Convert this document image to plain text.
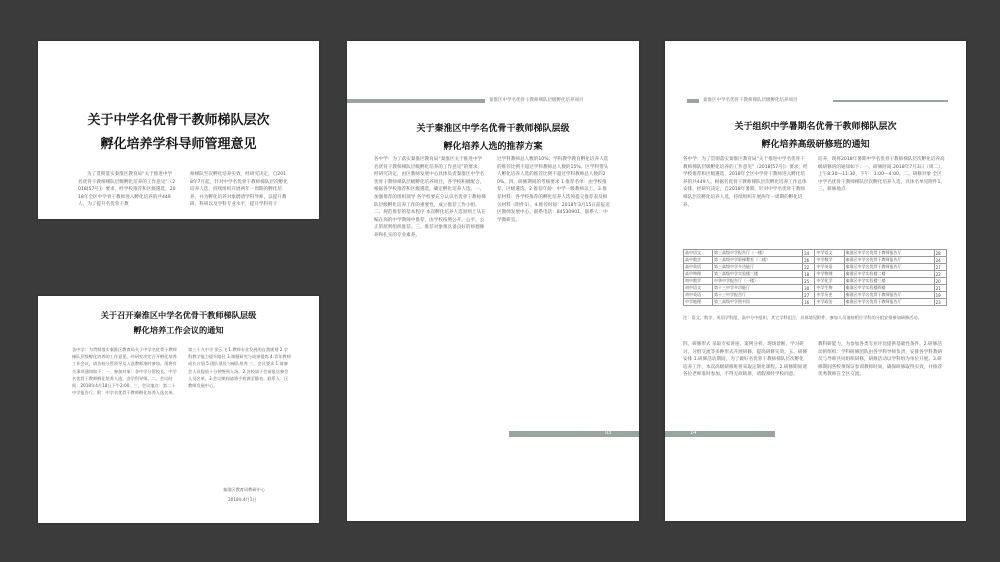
关于中学名优骨干教师梯队层次
孵化培养学科导师管理意见
为了贯彻落实秦淮区教育局“关于推进中学名优骨干教师梯队层级孵化培养的工作意见”（2018[57号]）要求，经学校推荐和区级遴选，2018年全区中学骨干教师进入孵化培养的共449人。为了提升名优骨干教
师梯队至次孵化培养实效，经研究决定，自2018年7月起，针对中学名优骨干教师梯队层次孵化培养人选，持续组织开展两年一周期的孵化培养，并为孵化培养对象聘请学科导师，以提升教研、科研以及学科专业水平，提升学科骨干
关于召开秦淮区中学名优骨干教师梯队层级
孵化培养工作会议的通知
各中学：为贯彻落实秦淮区教育局关于中学名优骨干教师梯队层级孵化培养的工作意见，经研究决定召开孵化培养工作会议，请各校分管领导及入选教师准时参加。现将有关事项通知如下：一、参加对象：各中学分管校长，中学名优骨干教师孵化培养人选，各学科导师。二、会议时间：2018年4月18日下午2:00。三、会议地点：第二十中学报告厅。附：中学名优骨干教师孵化培养人选名单。
第三十九中学 张云飞 1.教师专业发展的自我规划 2.学科教学能力提升路径 3.课题研究与成果提炼 4.青年教师成长计划 5.团队建设与梯队培养 三、会议要求 1.请参会人员提前十分钟签到入场。2.各校请于会前报送参会人员名单。3.会议期间请将手机调至静音。联系人：区教师发展中心。
秦淮区教育局教研中心
2018年4月1日
秦淮区中学名优骨干教师梯队层级孵化培养项目
关于秦淮区中学名优骨干教师梯队层级
孵化培养人选的推荐方案
各中学：为了落实秦淮区教育局“秦淮区关于推进中学名优骨干教师梯队层级孵化培养的工作意见”的要求，经研究决定，由区教师发展中心具体负责秦淮区中学名优骨干教师梯队层级孵化培养项目，各学校积极配合。根据各学校推荐和区级遴选，确定孵化培养人选。一、加强推荐的组织领导 各学校要充分认识名优骨干教师梯队层级孵化培养工作的重要性，成立推荐工作小组。二、规范推荐的基本程序 本次孵化培养人选原则上从在编在岗的中学教师中推荐，由学校按照公开、公平、公正的原则组织推荐。三、推荐对象须具备良好的师德修养和扎实的专业素养。
过学科教师总人数的10%；学科教学教育孵化培养人选的推荐比例不超过学科教师总人数的15%。区学科带头人孵化培养人选的推荐比例不超过学科教师总人数的20%。四、研修期间的考核要求 1.推荐名单：由学校推荐，区级遴选。2.推荐年龄：中学一级教师以上。3.推荐材料：各学校推荐的孵化培养人选须提交推荐表及相关材料（附件1）。4.推荐时间：2018年3月15日前报送区教师发展中心。联系电话：84530901，联系人：中学教研室。
03
秦淮区中学名优骨干教师梯队层级孵化培养项目
关于组织中学暑期名优骨干教师梯队层次
孵化培养高级研修班的通知
各中学：为了贯彻落实秦淮区教育局“关于推进中学名优骨干教师梯队层级孵化培养的工作意见”（2018[57号]）要求，经学校推荐和区级遴选，2018年全区中学骨干教师进入孵化培养的共449人。根据名优骨干教师梯队层次孵化培养工作总体安排，经研究决定，自2018年暑期，针对中学名优骨干教师梯队层次孵化培养人选，持续组织开展两年一周期的孵化培养。
培养，现将2018年暑期中学名优骨干教师梯队层次孵化培养高级研修班的通知如下：一、研修时间 2018年7月3日（周二），上午8:30—11:30，下午：1:00—4:00。二、研修对象 全区中学名优骨干教师梯队层次孵化培养人选，具体名单见附件1。三、研修地点
高中语文	第三高级中学报告厅（一楼）	24	中学语文	秦淮区中学名优骨干教师报告厅	28
高中数学	第三高级中学阶梯教室（二楼）	26	中学数学	秦淮区中学名优骨干教师报告厅	24
高中英语	第三高级中学多功能厅	22	中学英语	秦淮区中学名优骨干教师报告厅	27
高中物理	第三高级中学实验楼三楼	18	中学物理	秦淮区中学实验楼二楼	22
初中数学	中华中学报告厅（一楼）	25	中学化学	秦淮区中学实验楼三楼	20
初中语文	第十三中学多功能厅	30	中学生物	秦淮区中学实验楼四楼	21
初中英语	第十三中学报告厅	27	中学历史	秦淮区中学名优骨干教师报告厅	19
中学地理	第三高级中学图书馆	16	中学政治	秦淮区中学名优骨干教师报告厅	23
注：语文、数学、英语学科组，高中分中组织，其它学科组合，具体请见附件，参加人员请按相应学科的分组安排参加研修活动。
四、研修形式 采取专家讲座、案例分析、现场诊断、学习研讨、分组交流等多种形式开展研修，提高研修实效。五、研修安排 1.研修活动期间，为了做好名优骨干教师梯队层次孵化培养工作，本次高级研修班将采取定制化课程。2.研修期间请各位老师准时参加，不得无故缺席，请假须经学校同意。
教科研能力，为参加各类专业评比提供基础性条件。2.研修活动的组织：学科研修团队由各学科导师负责，安排各学科教研员与导师共同组织研修，研修活动以学科组为单位开展。3.研修期间各校须保证参训教师时间，确保研修取得实效，并推荐优秀教师在全区交流。
14
